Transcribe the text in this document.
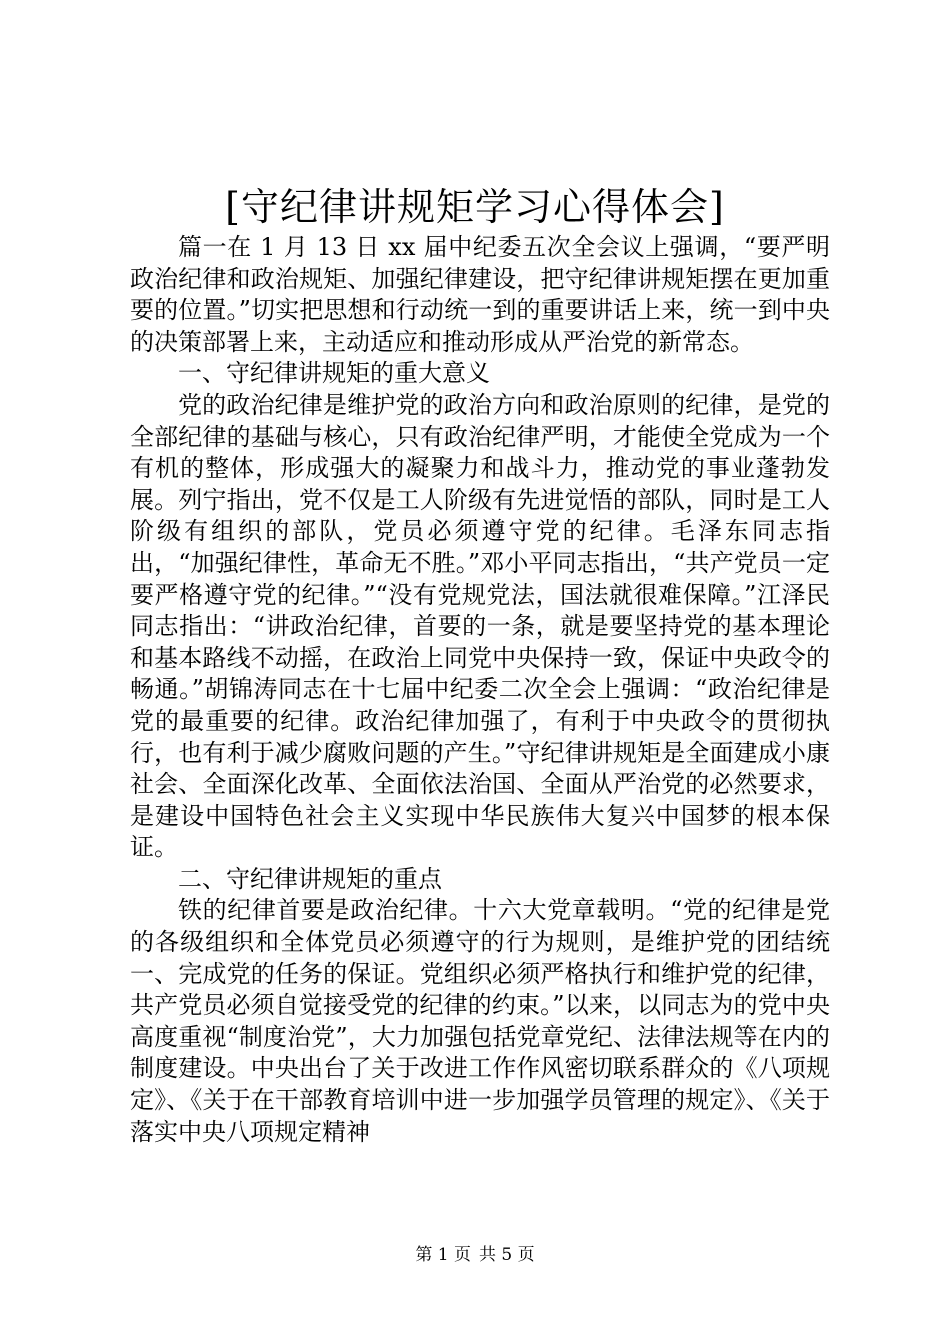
[守纪律讲规矩学习心得体会]

篇一在 1 月 13 日 xx 届中纪委五次全会议上强调，“要严明政治纪律和政治规矩、加强纪律建设，把守纪律讲规矩摆在更加重要的位置。”切实把思想和行动统一到的重要讲话上来，统一到中央的决策部署上来，主动适应和推动形成从严治党的新常态。

一、守纪律讲规矩的重大意义

党的政治纪律是维护党的政治方向和政治原则的纪律，是党的全部纪律的基础与核心，只有政治纪律严明，才能使全党成为一个有机的整体，形成强大的凝聚力和战斗力，推动党的事业蓬勃发展。列宁指出，党不仅是工人阶级有先进觉悟的部队，同时是工人阶级有组织的部队，党员必须遵守党的纪律。毛泽东同志指出，“加强纪律性，革命无不胜。”邓小平同志指出，“共产党员一定要严格遵守党的纪律。”“没有党规党法，国法就很难保障。”江泽民同志指出：“讲政治纪律，首要的一条，就是要坚持党的基本理论和基本路线不动摇，在政治上同党中央保持一致，保证中央政令的畅通。”胡锦涛同志在十七届中纪委二次全会上强调：“政治纪律是党的最重要的纪律。政治纪律加强了，有利于中央政令的贯彻执行，也有利于减少腐败问题的产生。”守纪律讲规矩是全面建成小康社会、全面深化改革、全面依法治国、全面从严治党的必然要求，是建设中国特色社会主义实现中华民族伟大复兴中国梦的根本保证。

二、守纪律讲规矩的重点

铁的纪律首要是政治纪律。十六大党章载明。“党的纪律是党的各级组织和全体党员必须遵守的行为规则，是维护党的团结统一、完成党的任务的保证。党组织必须严格执行和维护党的纪律，共产党员必须自觉接受党的纪律的约束。”以来，以同志为的党中央高度重视“制度治党”，大力加强包括党章党纪、法律法规等在内的制度建设。中央出台了关于改进工作作风密切联系群众的《八项规定》、《关于在干部教育培训中进一步加强学员管理的规定》、《关于落实中央八项规定精神

第 1 页 共 5 页
